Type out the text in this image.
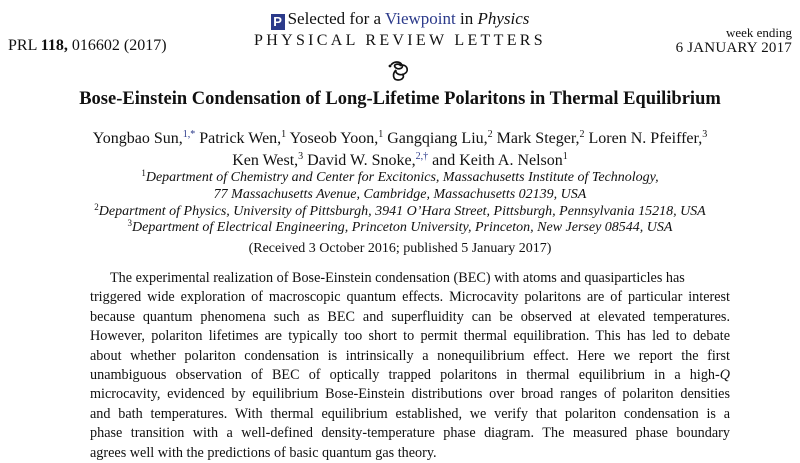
P Selected for a Viewpoint in Physics
PRL 118, 016602 (2017)	PHYSICAL REVIEW LETTERS	week ending
6 JANUARY 2017
Bose-Einstein Condensation of Long-Lifetime Polaritons in Thermal Equilibrium
Yongbao Sun,$^{1,*}$ Patrick Wen,$^1$ Yoseob Yoon,$^1$ Gangqiang Liu,$^2$ Mark Steger,$^2$ Loren N. Pfeiffer,$^3$
Ken West,$^3$ David W. Snoke,$^{2,\dagger}$ and Keith A. Nelson$^1$
$^1$Department of Chemistry and Center for Excitonics, Massachusetts Institute of Technology,
77 Massachusetts Avenue, Cambridge, Massachusetts 02139, USA
$^2$Department of Physics, University of Pittsburgh, 3941 O’Hara Street, Pittsburgh, Pennsylvania 15218, USA
$^3$Department of Electrical Engineering, Princeton University, Princeton, New Jersey 08544, USA
(Received 3 October 2016; published 5 January 2017)
The experimental realization of Bose-Einstein condensation (BEC) with atoms and quasiparticles has
triggered wide exploration of macroscopic quantum effects. Microcavity polaritons are of particular interest
because quantum phenomena such as BEC and superfluidity can be observed at elevated temperatures.
However, polariton lifetimes are typically too short to permit thermal equilibration. This has led to debate
about whether polariton condensation is intrinsically a nonequilibrium effect. Here we report the first
unambiguous observation of BEC of optically trapped polaritons in thermal equilibrium in a high-Q
microcavity, evidenced by equilibrium Bose-Einstein distributions over broad ranges of polariton densities
and bath temperatures. With thermal equilibrium established, we verify that polariton condensation is a
phase transition with a well-defined density-temperature phase diagram. The measured phase boundary
agrees well with the predictions of basic quantum gas theory.
